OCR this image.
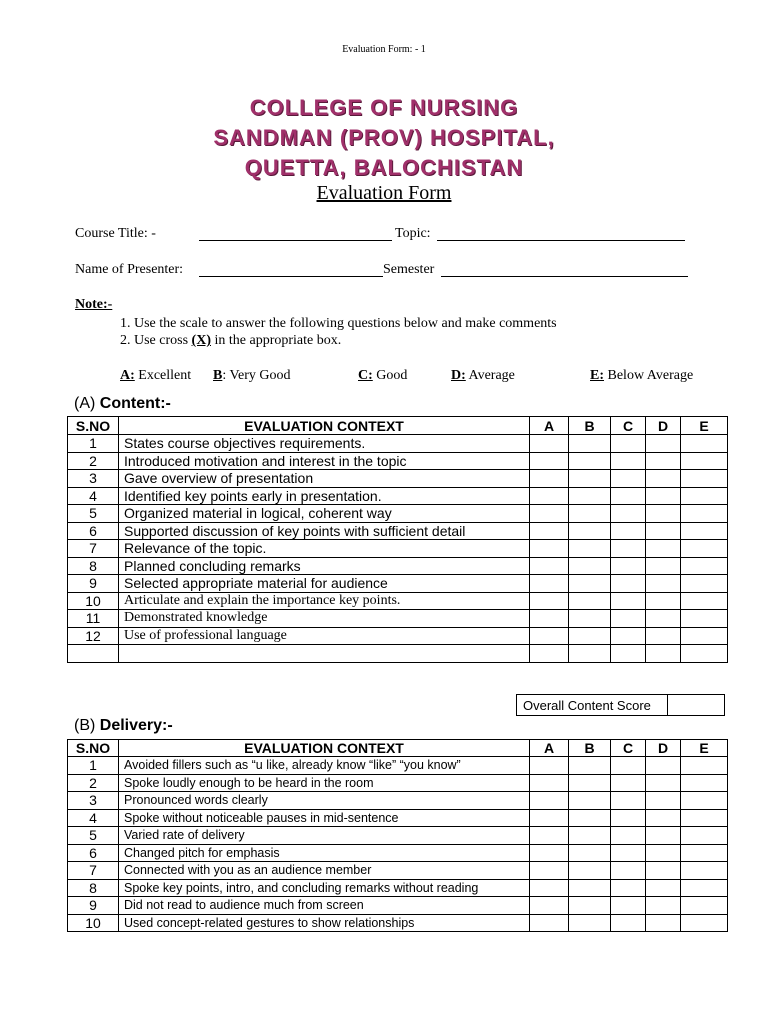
Evaluation Form: - 1
COLLEGE OF NURSING
SANDMAN (PROV) HOSPITAL,
QUETTA, BALOCHISTAN
Evaluation Form
Course Title: -	Topic:
Name of Presenter:	Semester
Note:-
1. Use the scale to answer the following questions below and make comments
2. Use cross (X) in the appropriate box.
A: Excellent B: Very Good	C: Good	D: Average	E: Below Average
(A) Content:-
S.NO	EVALUATION CONTEXT	A	B	C	D	E
1	States course objectives requirements.					
2	Introduced motivation and interest in the topic					
3	Gave overview of presentation					
4	Identified key points early in presentation.					
5	Organized material in logical, coherent way					
6	Supported discussion of key points with sufficient detail					
7	Relevance of the topic.					
8	Planned concluding remarks					
9	Selected appropriate material for audience					
10	Articulate and explain the importance key points.					
11	Demonstrated knowledge					
12	Use of professional language					

Overall Content Score	
(B) Delivery:-
S.NO	EVALUATION CONTEXT	A	B	C	D	E
1	Avoided fillers such as “u like, already know “like” “you know”					
2	Spoke loudly enough to be heard in the room					
3	Pronounced words clearly					
4	Spoke without noticeable pauses in mid-sentence					
5	Varied rate of delivery					
6	Changed pitch for emphasis					
7	Connected with you as an audience member					
8	Spoke key points, intro, and concluding remarks without reading					
9	Did not read to audience much from screen					
10	Used concept-related gestures to show relationships					
